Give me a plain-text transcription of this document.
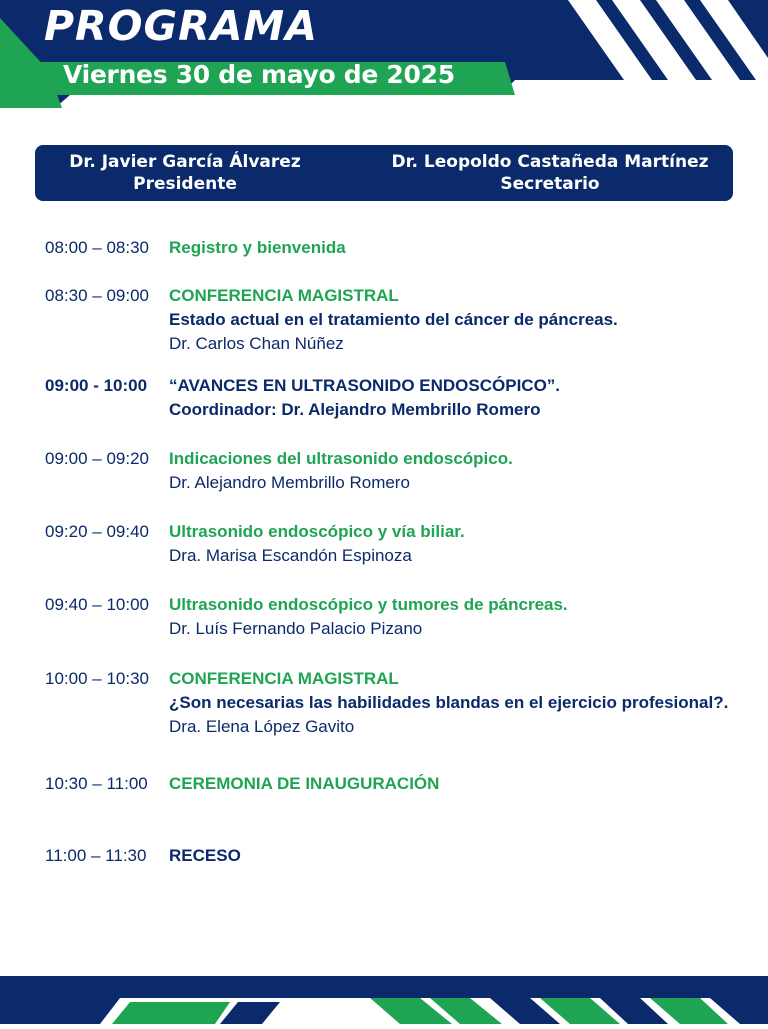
PROGRAMA
Viernes 30 de mayo de 2025
Dr. Javier García Álvarez
Presidente
Dr. Leopoldo Castañeda Martínez
Secretario
08:00 – 08:30	Registro y bienvenida
08:30 – 09:00	CONFERENCIA MAGISTRAL
Estado actual en el tratamiento del cáncer de páncreas.
Dr. Carlos Chan Núñez
09:00 - 10:00	“AVANCES EN ULTRASONIDO ENDOSCÓPICO”.
Coordinador: Dr. Alejandro Membrillo Romero
09:00 – 09:20	Indicaciones del ultrasonido endoscópico.
Dr. Alejandro Membrillo Romero
09:20 – 09:40	Ultrasonido endoscópico y vía biliar.
Dra. Marisa Escandón Espinoza
09:40 – 10:00	Ultrasonido endoscópico y tumores de páncreas.
Dr. Luís Fernando Palacio Pizano
10:00 – 10:30	CONFERENCIA MAGISTRAL
¿Son necesarias las habilidades blandas en el ejercicio profesional?.
Dra. Elena López Gavito
10:30 – 11:00	CEREMONIA DE INAUGURACIÓN
11:00 – 11:30	RECESO
